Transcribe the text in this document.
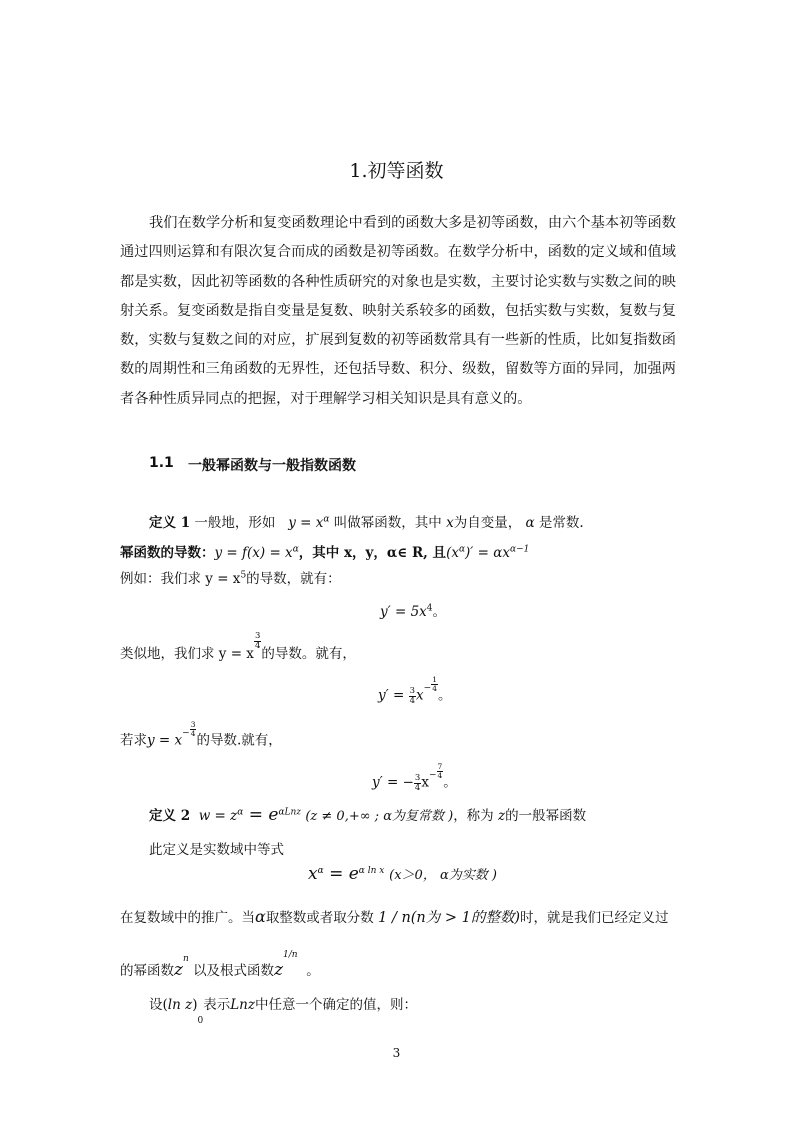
1.初等函数
我们在数学分析和复变函数理论中看到的函数大多是初等函数，由六个基本初等函数通过四则运算和有限次复合而成的函数是初等函数。在数学分析中，函数的定义域和值域都是实数，因此初等函数的各种性质研究的对象也是实数，主要讨论实数与实数之间的映射关系。复变函数是指自变量是复数、映射关系较多的函数，包括实数与实数，复数与复数，实数与复数之间的对应，扩展到复数的初等函数常具有一些新的性质，比如复指数函数的周期性和三角函数的无界性，还包括导数、积分、级数，留数等方面的异同，加强两者各种性质异同点的把握，对于理解学习相关知识是具有意义的。
1.1 一般幂函数与一般指数函数
定义 1 一般地，形如 $y = x^\alpha$ 叫做幂函数，其中 x为自变量， α 是常数.
幂函数的导数：$y = f(x) = x^\alpha$，其中 x，y，α∈ R, 且$(x^\alpha)' = \alpha x^{\alpha-1}$
例如：我们求 $y = x^5$的导数，就有：
$y' = 5x^4$。
类似地，我们求 y = x
$\frac{3}{4}$
的导数。就有，
$y' = \frac{3}{4} x^- \frac{1}{4}$
。
若求$y = x^- \frac{3}{4}$
的导数.就有，
y′ = − $\frac{3}{4} x^- \frac{7}{4}$
。
定义 2 $w = z^\alpha = e^{\alpha Lnz}$ (z ≠ 0,+∞ ; α为复常数 )，称为 z的一般幂函数
此定义是实数域中等式
$x^\alpha = e^{\alpha ln x}$ (x＞0， α为实数 )
在复数域中的推广。当α取整数或者取分数 1 / n(n为 > 1的整数)时，就是我们已经定义过
的幂函数$z^n$ 以及根式函数$z^{1/n}$  。
设(ln $z)_0$表示Lnz中任意一个确定的值，则：
3
